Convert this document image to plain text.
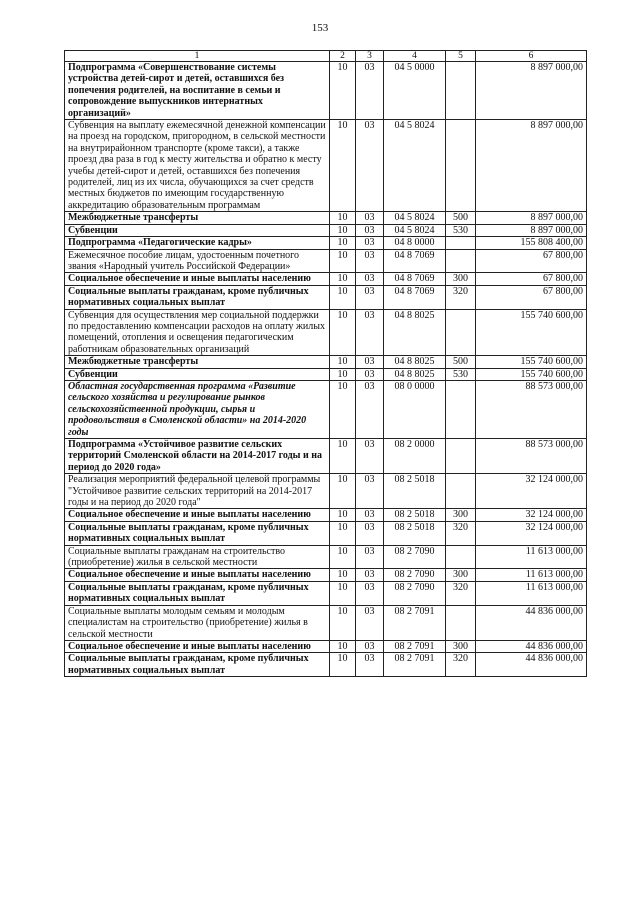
153
1	2	3	4	5	6
Подпрограмма «Совершенствование системы устройства детей-сирот и детей, оставшихся без попечения родителей, на воспитание в семьи и сопровождение выпускников интернатных организаций»	10	03	04 5 0000		8 897 000,00
Субвенция на выплату ежемесячной денежной компенсации на проезд на городском, пригородном, в сельской местности на внутрирайонном транспорте (кроме такси), а также проезд два раза в год к месту жительства и обратно к месту учебы детей-сирот и детей, оставшихся без попечения родителей, лиц из их числа, обучающихся за счет средств местных бюджетов по имеющим государственную аккредитацию образовательным программам	10	03	04 5 8024		8 897 000,00
Межбюджетные трансферты	10	03	04 5 8024	500	8 897 000,00
Субвенции	10	03	04 5 8024	530	8 897 000,00
Подпрограмма «Педагогические кадры»	10	03	04 8 0000		155 808 400,00
Ежемесячное пособие лицам, удостоенным почетного звания «Народный учитель Российской Федерации»	10	03	04 8 7069		67 800,00
Социальное обеспечение и иные выплаты населению	10	03	04 8 7069	300	67 800,00
Социальные выплаты гражданам, кроме публичных нормативных социальных выплат	10	03	04 8 7069	320	67 800,00
Субвенция для осуществления мер социальной поддержки по предоставлению компенсации расходов на оплату жилых помещений, отопления и освещения педагогическим работникам образовательных организаций	10	03	04 8 8025		155 740 600,00
Межбюджетные трансферты	10	03	04 8 8025	500	155 740 600,00
Субвенции	10	03	04 8 8025	530	155 740 600,00
Областная государственная программа «Развитие сельского хозяйства и регулирование рынков сельскохозяйственной продукции, сырья и продовольствия в Смоленской области» на 2014-2020 годы	10	03	08 0 0000		88 573 000,00
Подпрограмма «Устойчивое развитие сельских территорий Смоленской области на 2014-2017 годы и на период до 2020 года»	10	03	08 2 0000		88 573 000,00
Реализация мероприятий федеральной целевой программы "Устойчивое развитие сельских территорий на 2014-2017 годы и на период до 2020 года"	10	03	08 2 5018		32 124 000,00
Социальное обеспечение и иные выплаты населению	10	03	08 2 5018	300	32 124 000,00
Социальные выплаты гражданам, кроме публичных нормативных социальных выплат	10	03	08 2 5018	320	32 124 000,00
Социальные выплаты гражданам на строительство (приобретение) жилья в сельской местности	10	03	08 2 7090		11 613 000,00
Социальное обеспечение и иные выплаты населению	10	03	08 2 7090	300	11 613 000,00
Социальные выплаты гражданам, кроме публичных нормативных социальных выплат	10	03	08 2 7090	320	11 613 000,00
Социальные выплаты молодым семьям и молодым специалистам на строительство (приобретение) жилья в сельской местности	10	03	08 2 7091		44 836 000,00
Социальное обеспечение и иные выплаты населению	10	03	08 2 7091	300	44 836 000,00
Социальные выплаты гражданам, кроме публичных нормативных социальных выплат	10	03	08 2 7091	320	44 836 000,00
